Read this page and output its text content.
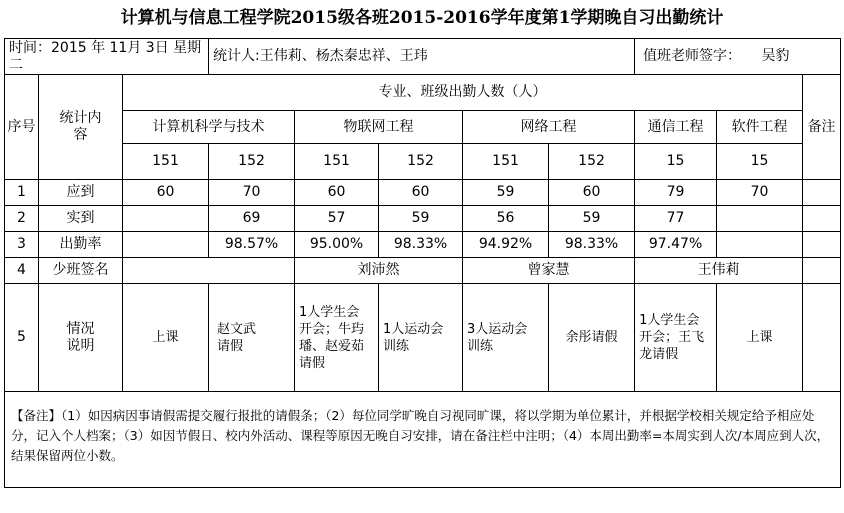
计算机与信息工程学院2015级各班2015-2016学年度第1学期晚自习出勤统计
时间：2015 年 11月 3日 星期 二			统计人:王伟莉、杨杰秦忠祥、王玮					值班老师签字： 吴豹		
序号	统计内容	专业、班级出勤人数（人）								备注
		计算机科学与技术		物联网工程		网络工程		通信工程	软件工程	
		151	152	151	152	151	152	15	15	
1	应到	60	70	60	60	59	60	79	70	
2	实到		69	57	59	56	59	77		
3	出勤率		98.57%	95.00%	98.33%	94.92%	98.33%	97.47%		
4	少班签名			刘沛然		曾家慧		王伟莉		
5	情况说明	上课	赵文武请假	1人学生会开会；牛玙璠、赵爱茹请假	1人运动会训练	3人运动会训练	余彤请假	1人学生会开会；王飞龙请假	上课	
【备注】（1）如因病因事请假需提交履行报批的请假条；（2）每位同学旷晚自习视同旷课，将以学期为单位累计，并根据学校相关规定给予相应处分，记入个人档案；（3）如因节假日、校内外活动、课程等原因无晚自习安排，请在备注栏中注明；（4）本周出勤率=本周实到人次/本周应到人次，结果保留两位小数。										
